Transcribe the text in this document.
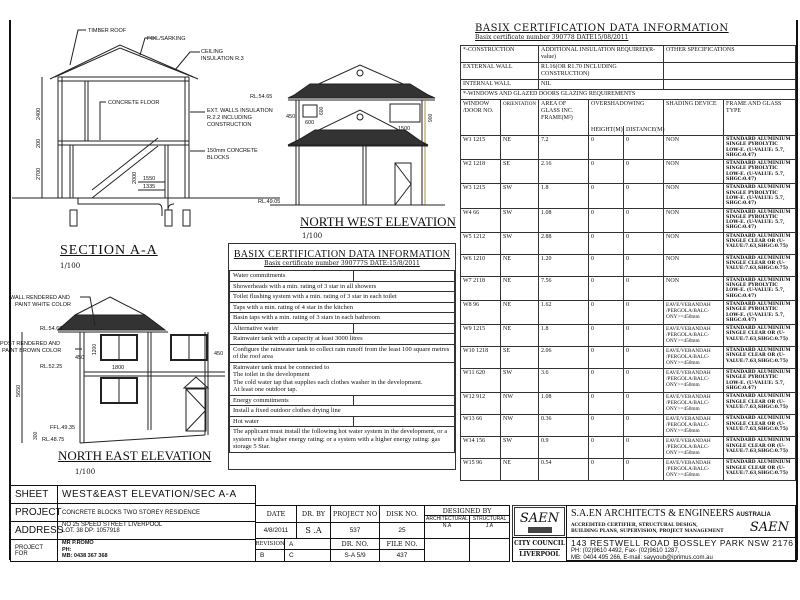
TIMBER ROOF
FOIL/SARKING
CEILING
INSULATION R.3
CONCRETE FLOOR
EXT. WALLS INSULATION
R.2.2 INCLUDING
CONSTRUCTION
150mm CONCRETE
BLOCKS
2400
200
2700	2000 1550
1335
SECTION A-A
1/100
RL.54.65
RL.49.05
450
600
600
1500
900
NORTH WEST ELEVATION
1/100
WALL RENDERED AND
PAINT WHITE COLOR
POST RENDERED AND
PAINT BROWN COLOR
RL.54.65
RL.52.25
FFL.49.35
RL.48.75
5650
450
450
1200
1800
300
NORTH EAST ELEVATION
1/100
BASIX CERTIFICATION DATA INFORMATION
Basix certificate number 390777S DATE:15/8/2011
Water commitments	
Showerheads with a min. rating of 3 star in all showers	
Toilet flushing system with a min. rating of 3 star in each toilet	
Taps with a min. rating of 4 star in the kitchen	
Basin taps with a min. rating of 3 stars in each bathroom	
Alternative water	
Rainwater tank with a capacity at least 3000 litres	
Configure the rainwater tank to collect rain runoff from the least 100 square metres of the roof area	
Rainwater tank must be connected to
The toilet in the development
The cold water tap that supplies each clothes washer in the development.
At least one outdoor tap.	
Energy commitments	
Install a fixed outdoor clothes drying line	
Hot water	
The applicant must install the following hot water system in the development, or a system with a higher energy rating; or a system with a higher energy rating: gas storage 5 Star.	
BASIX CERTIFICATION DATA INFORMATION
Basix certificate number 390778 DATE15/08/2011
*-CONSTRUCTION		ADDITIONAL INSULATION REQUIRED(R-value)			OTHER SPECIFICATIONS	
EXTERNAL WALL		R1.16(OR R1.70 INCLUDING CONSTRUCTION)				
INTERNAL WALL		NIL				
*-WINDOWS AND GLAZED DOORS GLAZING REQUIREMENTS						
WINDOW /DOOR NO.	ORIENTATION	AREA OF GLASS INC. FRAME(M²)	OVERSHADOWING		SHADING DEVICE	FRAME AND GLASS TYPE
			HEIGHT(M)	DISTANCE(M)		
W1 1215	NE	7.2	0	0	NON	STANDARD ALUMINIUM SINGLE PYROLYTIC LOW-E. (U-VALUE: 5.7, SHGC:0.47)
W2 1218	SE	2.16	0	0	NON	STANDARD ALUMINIUM SINGLE PYROLYTIC LOW-E. (U-VALUE: 5.7, SHGC:0.47)
W3 1215	SW	1.8	0	0	NON	STANDARD ALUMINIUM SINGLE PYROLYTIC LOW-E. (U-VALUE: 5.7, SHGC:0.47)
W4 66	SW	1.08	0	0	NON	STANDARD ALUMINIUM SINGLE PYROLYTIC LOW-E. (U-VALUE: 5.7, SHGC:0.47)
W5 1212	SW	2.88	0	0	NON	STANDARD ALUMINIUM SINGLE CLEAR OR (U-VALUE:7.63,SHGC:0.75)
W6 1210	NE	1.20	0	0	NON	STANDARD ALUMINIUM SINGLE CLEAR OR (U-VALUE:7.63,SHGC:0.75)
W7 2118	NE	7.56	0	0	NON	STANDARD ALUMINIUM SINGLE PYROLYTIC LOW-E. (U-VALUE: 5.7, SHGC:0.47)
W8 96	NE	1.62	0	0	EAVE/VERANDAH /PERGOLA/BALC-ONY>=450mm	STANDARD ALUMINIUM SINGLE PYROLYTIC LOW-E. (U-VALUE: 5.7, SHGC:0.47)
W9 1215	NE	1.8	0	0	EAVE/VERANDAH /PERGOLA/BALC-ONY>=450mm	STANDARD ALUMINIUM SINGLE CLEAR OR (U-VALUE:7.63,SHGC:0.75)
W10 1218	SE	2.06	0	0	EAVE/VERANDAH /PERGOLA/BALC-ONY>=450mm	STANDARD ALUMINIUM SINGLE CLEAR OR (U-VALUE:7.63,SHGC:0.75)
W11 620	SW	3.6	0	0	EAVE/VERANDAH /PERGOLA/BALC-ONY>=450mm	STANDARD ALUMINIUM SINGLE PYROLYTIC LOW-E. (U-VALUE: 5.7, SHGC:0.47)
W12 912	NW	1.08	0	0	EAVE/VERANDAH /PERGOLA/BALC-ONY>=450mm	STANDARD ALUMINIUM SINGLE CLEAR OR (U-VALUE:7.63,SHGC:0.75)
W13 66	NW	0.36	0	0	EAVE/VERANDAH /PERGOLA/BALC-ONY>=450mm	STANDARD ALUMINIUM SINGLE CLEAR OR (U-VALUE:7.63,SHGC:0.75)
W14 156	SW	0.9	0	0	EAVE/VERANDAH /PERGOLA/BALC-ONY>=450mm	STANDARD ALUMINIUM SINGLE CLEAR OR (U-VALUE:7.63,SHGC:0.75)
W15 96	NE	0.54	0	0	EAVE/VERANDAH /PERGOLA/BALC-ONY>=450mm	STANDARD ALUMINIUM SINGLE CLEAR OR (U-VALUE:7.63,SHGC:0.75)
SHEET	WEST&EAST ELEVATION/SEC A-A
PROJECT CONCRETE BLOCKS TWO STOREY RESIDENCE
ADDRESS
NO 25 SPEED STREET LIVERPOOL
LOT. 38 DP: 1057918
PROJECT FOR
MR P.ROMO
PH:
MB: 0438 367 368
DATE	DR. BY	PROJECT NO	DISK NO.
4/8/2011	S .A	537	25
REVISION A
B	C
DR. NO.	FILE NO.
S-A 5/9	437
DESIGNED BY
ARCHITECTURAL STRUCTURAL
N.A	J.A
SAEN
CITY COUNCIL
LIVERPOOL
S.A.EN ARCHITECTS & ENGINEERS AUSTRALIA
ACCREDITED CERTIFIER, STRUCTURAL DESIGN,
BUILDING PLANS, SUPERVISION, PROJECT MANAGEMENT	SAEN
143 RESTWELL ROAD BOSSLEY PARK NSW 2176
PH: (02)9610 4492, Fax- (02)9610 1287,
MB: 0404 495 266, E-mail: sayyoub@iprimus.com.au
